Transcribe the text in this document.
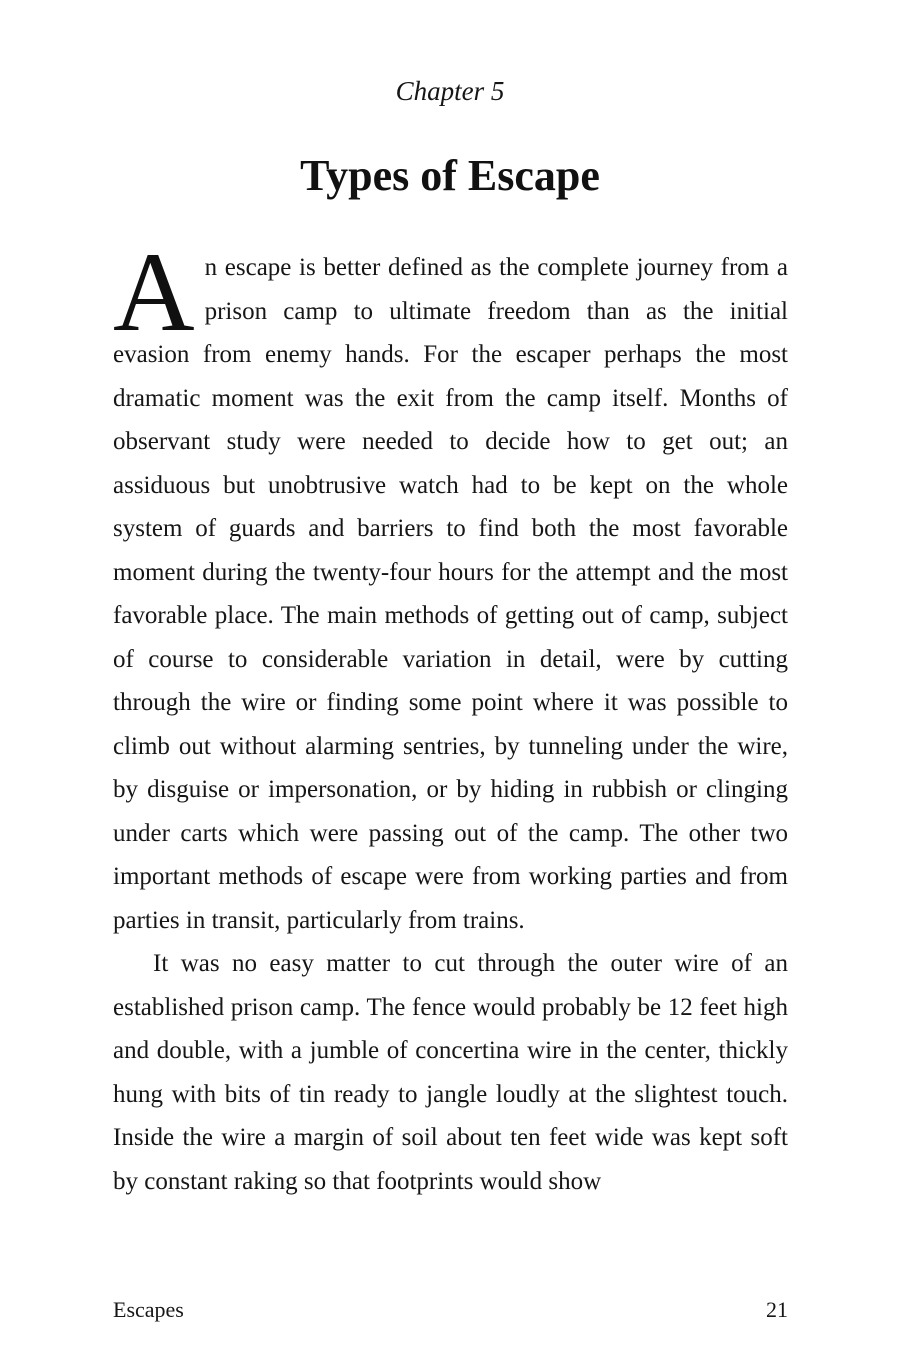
Chapter 5
Types of Escape

An escape is better defined as the complete journey from a prison camp to ultimate freedom than as the initial evasion from enemy hands. For the escaper perhaps the most dramatic moment was the exit from the camp itself. Months of observant study were needed to decide how to get out; an assiduous but unobtrusive watch had to be kept on the whole system of guards and barriers to find both the most favorable moment during the twenty-four hours for the attempt and the most favorable place. The main methods of getting out of camp, subject of course to considerable variation in detail, were by cutting through the wire or finding some point where it was possible to climb out without alarming sentries, by tunneling under the wire, by disguise or impersonation, or by hiding in rubbish or clinging under carts which were passing out of the camp. The other two important methods of escape were from working parties and from parties in transit, particularly from trains.

It was no easy matter to cut through the outer wire of an established prison camp. The fence would probably be 12 feet high and double, with a jumble of concertina wire in the center, thickly hung with bits of tin ready to jangle loudly at the slightest touch. Inside the wire a margin of soil about ten feet wide was kept soft by constant raking so that footprints would show

Escapes	21
